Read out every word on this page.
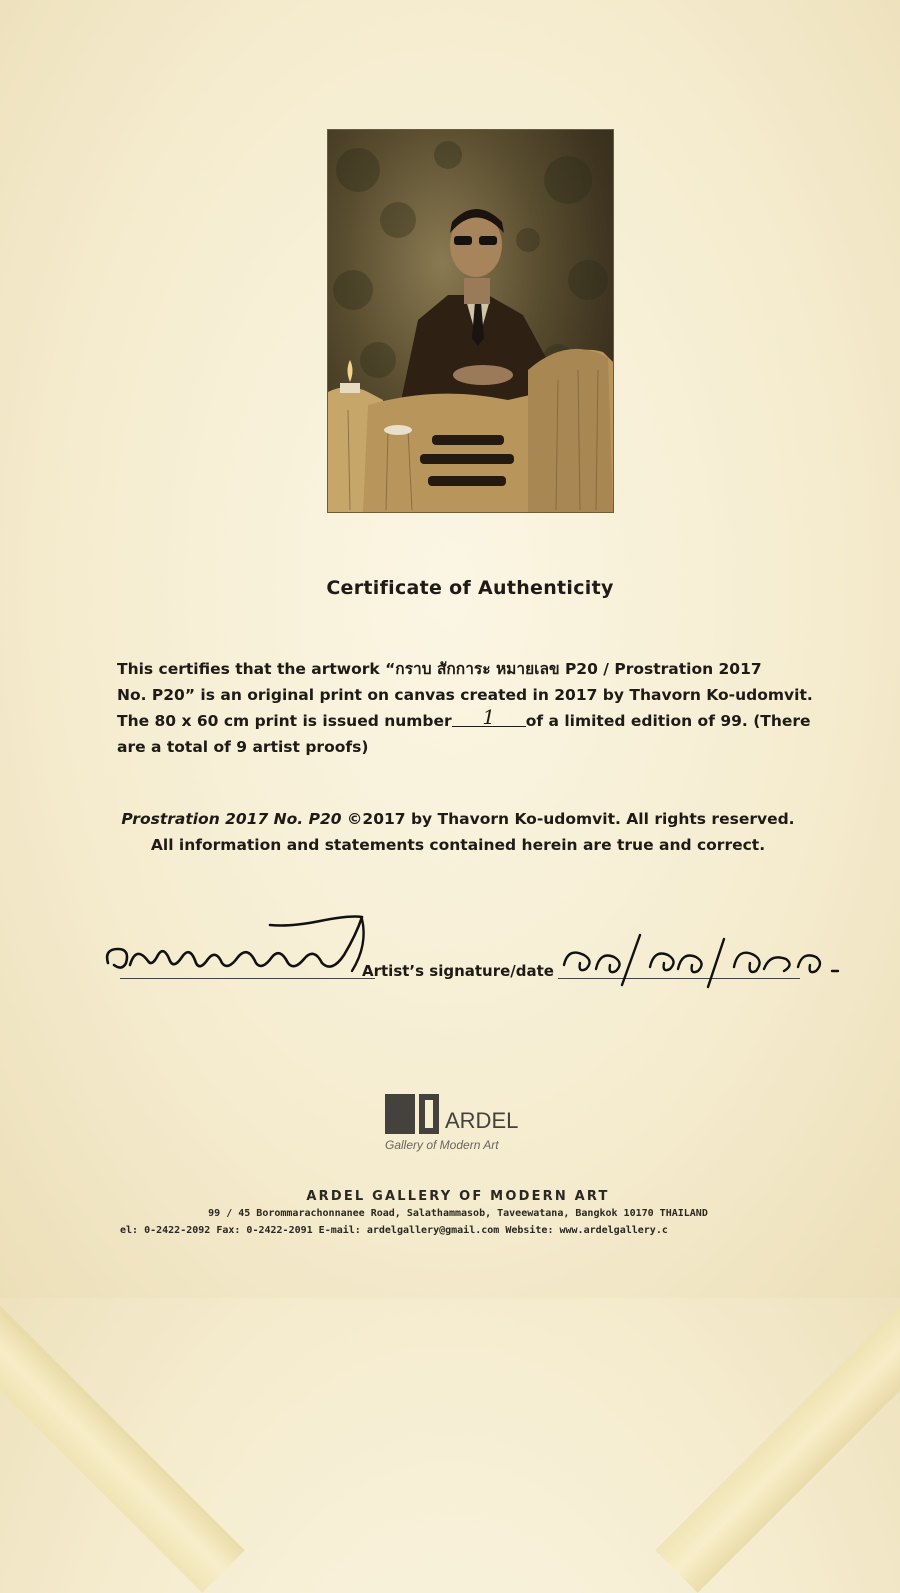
Certificate of Authenticity
This certifies that the artwork “กราบ สักการะ หมายเลข P20 / Prostration 2017
No. P20” is an original print on canvas created in 2017 by Thavorn Ko-udomvit.
The 80 x 60 cm print is issued number 1 of a limited edition of 99. (There
are a total of 9 artist proofs)
Prostration 2017 No. P20 ©2017 by Thavorn Ko-udomvit. All rights reserved.
All information and statements contained herein are true and correct.
Artist’s signature/date
ARDEL
Gallery of Modern Art
ARDEL GALLERY OF MODERN ART
99 / 45 Borommarachonnanee Road, Salathammasob, Taveewatana, Bangkok 10170 THAILAND
el: 0-2422-2092 Fax: 0-2422-2091 E-mail: ardelgallery@gmail.com Website: www.ardelgallery.c
